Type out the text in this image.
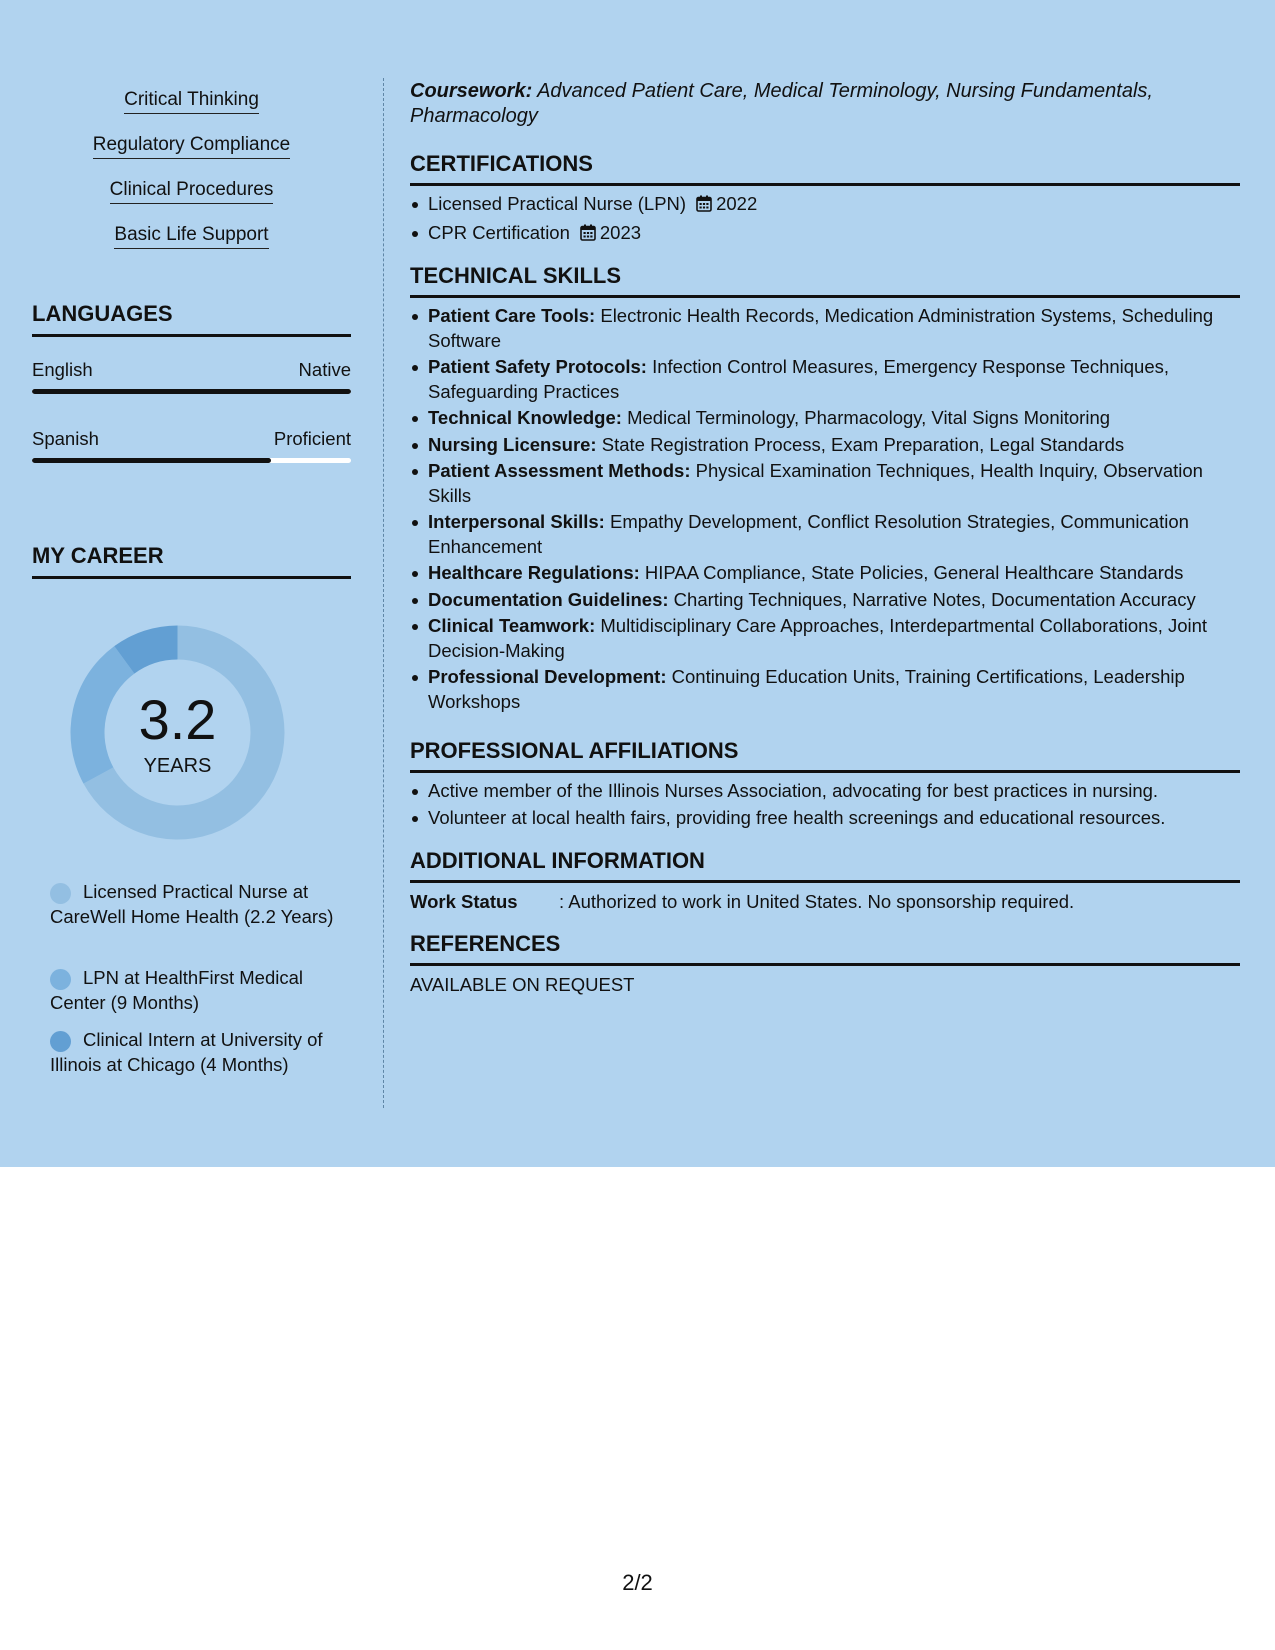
Critical Thinking
Regulatory Compliance
Clinical Procedures
Basic Life Support
LANGUAGES
English	Native
Spanish	Proficient
MY CAREER
3.2
YEARS
Licensed Practical Nurse at CareWell Home Health (2.2 Years)
LPN at HealthFirst Medical Center (9 Months)
Clinical Intern at University of Illinois at Chicago (4 Months)
Coursework: Advanced Patient Care, Medical Terminology, Nursing Fundamentals, Pharmacology
CERTIFICATIONS
Licensed Practical Nurse (LPN) 2022
CPR Certification 2023
TECHNICAL SKILLS
Patient Care Tools: Electronic Health Records, Medication Administration Systems, Scheduling Software
Patient Safety Protocols: Infection Control Measures, Emergency Response Techniques, Safeguarding Practices
Technical Knowledge: Medical Terminology, Pharmacology, Vital Signs Monitoring
Nursing Licensure: State Registration Process, Exam Preparation, Legal Standards
Patient Assessment Methods: Physical Examination Techniques, Health Inquiry, Observation Skills
Interpersonal Skills: Empathy Development, Conflict Resolution Strategies, Communication Enhancement
Healthcare Regulations: HIPAA Compliance, State Policies, General Healthcare Standards
Documentation Guidelines: Charting Techniques, Narrative Notes, Documentation Accuracy
Clinical Teamwork: Multidisciplinary Care Approaches, Interdepartmental Collaborations, Joint Decision-Making
Professional Development: Continuing Education Units, Training Certifications, Leadership Workshops
PROFESSIONAL AFFILIATIONS
Active member of the Illinois Nurses Association, advocating for best practices in nursing.
Volunteer at local health fairs, providing free health screenings and educational resources.
ADDITIONAL INFORMATION
Work Status : Authorized to work in United States. No sponsorship required.
REFERENCES
AVAILABLE ON REQUEST
2/2
